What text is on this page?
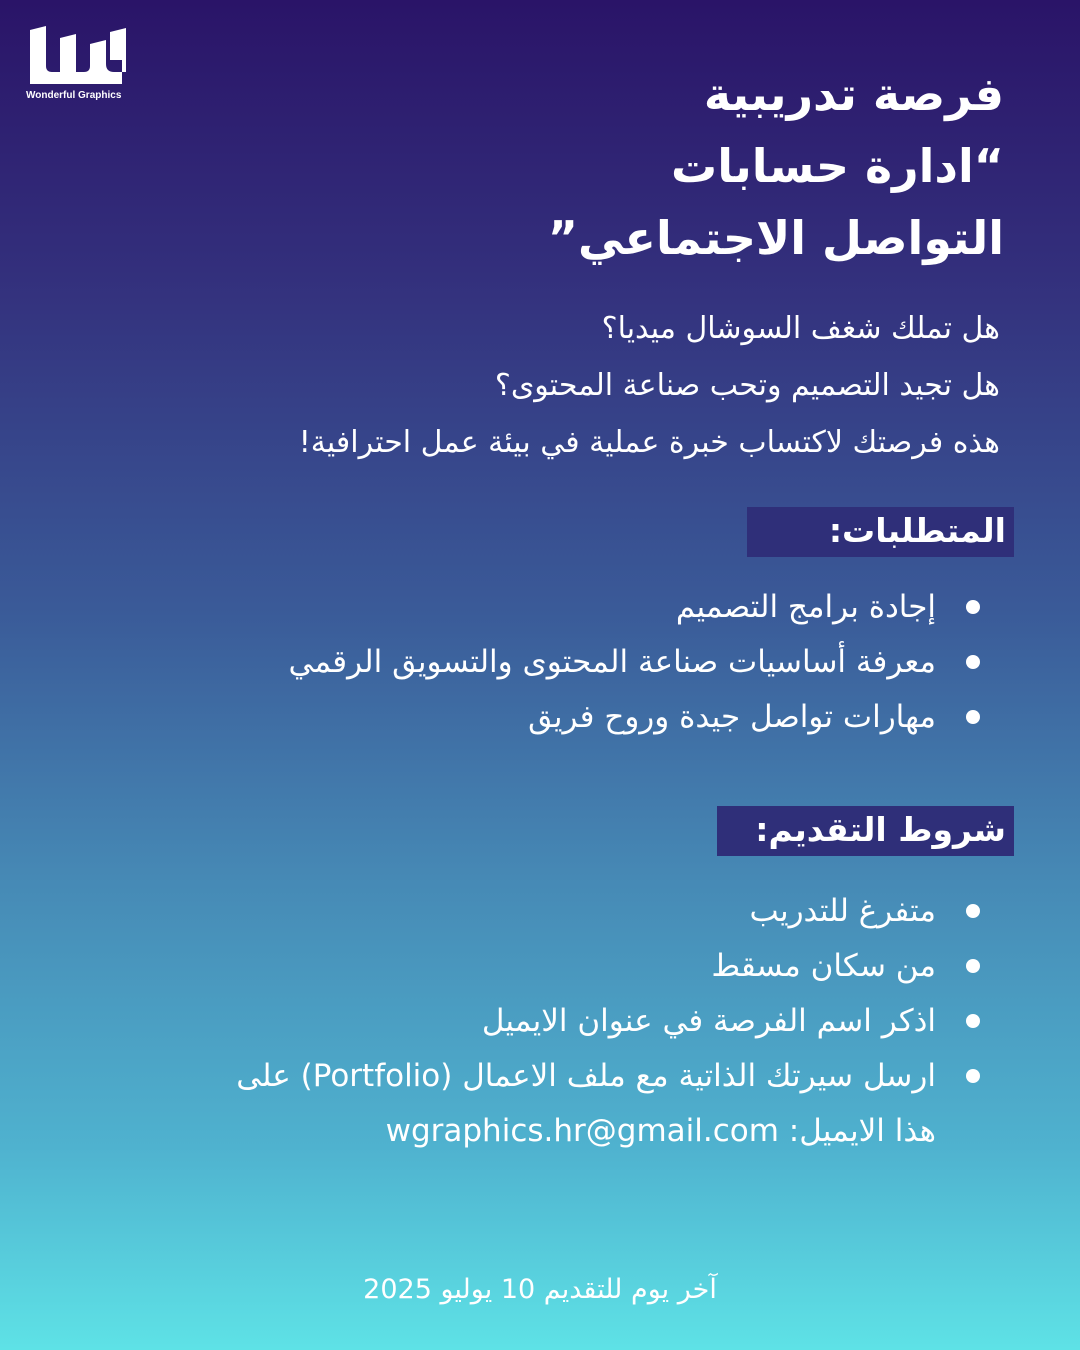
Wonderful Graphics	فرصة تدريبية
“ادارة حسابات
التواصل الاجتماعي”
هل تملك شغف السوشال ميديا؟
هل تجيد التصميم وتحب صناعة المحتوى؟
هذه فرصتك لاكتساب خبرة عملية في بيئة عمل احترافية!
المتطلبات:
إجادة برامج التصميم
معرفة أساسيات صناعة المحتوى والتسويق الرقمي
مهارات تواصل جيدة وروح فريق
شروط التقديم:
متفرغ للتدريب
من سكان مسقط
اذكر اسم الفرصة في عنوان الايميل
ارسل سيرتك الذاتية مع ملف الاعمال (Portfolio) على
هذا الايميل: wgraphics.hr@gmail.com
آخر يوم للتقديم 10 يوليو 2025
